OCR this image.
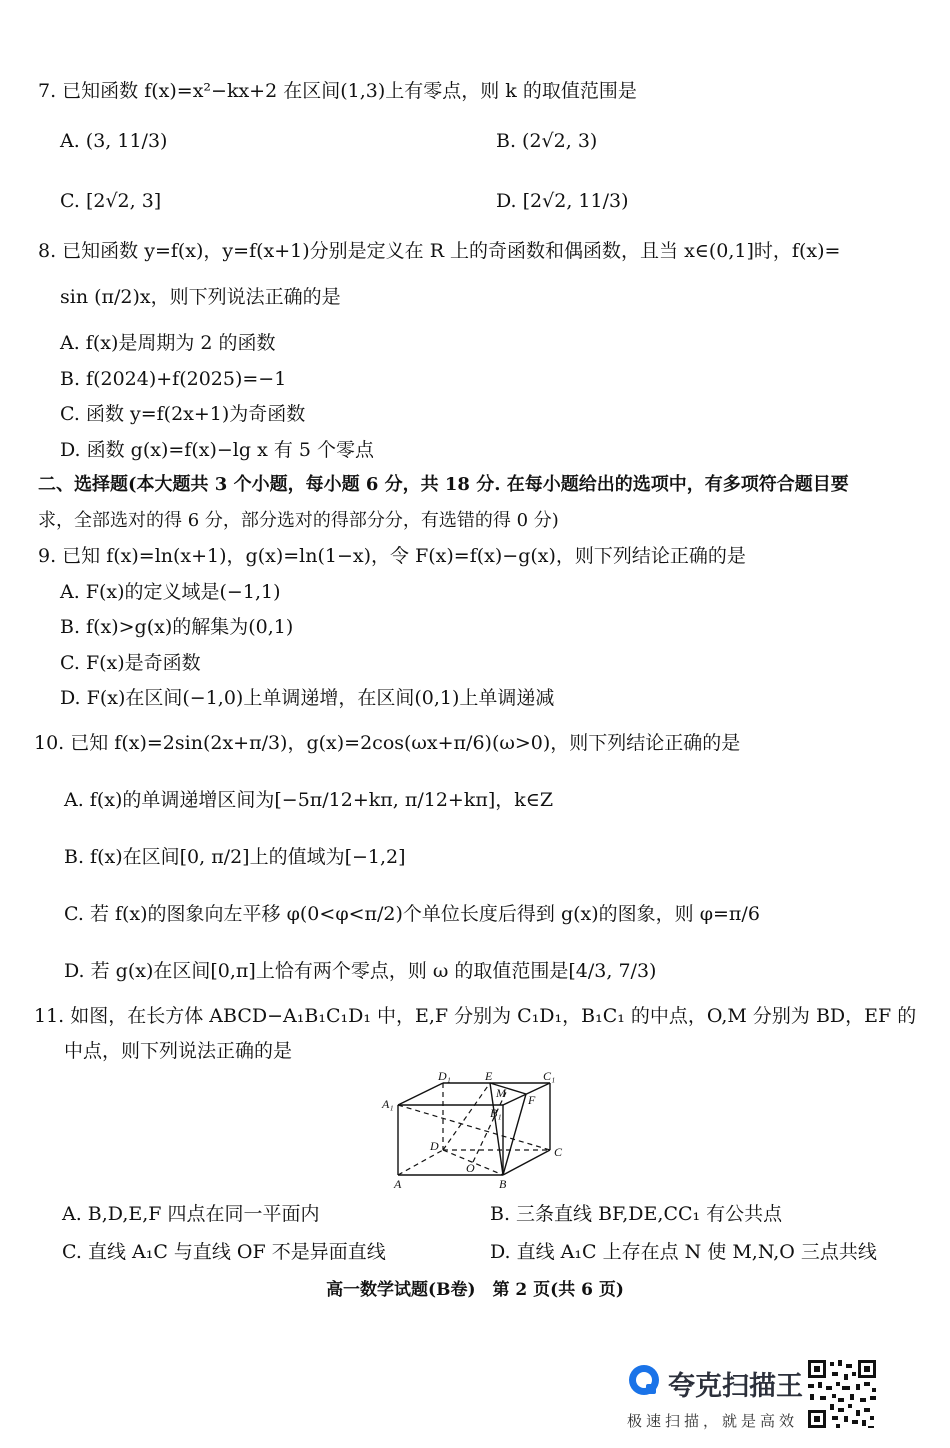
7. 已知函数 f(x)=x²−kx+2 在区间(1,3)上有零点，则 k 的取值范围是
A. (3, 11/3)	B. (2√2, 3)
C. [2√2, 3]	D. [2√2, 11/3)
8. 已知函数 y=f(x)，y=f(x+1)分别是定义在 R 上的奇函数和偶函数，且当 x∈(0,1]时，f(x)=
sin (π/2)x，则下列说法正确的是
A. f(x)是周期为 2 的函数
B. f(2024)+f(2025)=−1
C. 函数 y=f(2x+1)为奇函数
D. 函数 g(x)=f(x)−lg x 有 5 个零点
二、选择题(本大题共 3 个小题，每小题 6 分，共 18 分. 在每小题给出的选项中，有多项符合题目要
求，全部选对的得 6 分，部分选对的得部分分，有选错的得 0 分)
9. 已知 f(x)=ln(x+1)，g(x)=ln(1−x)，令 F(x)=f(x)−g(x)，则下列结论正确的是
A. F(x)的定义域是(−1,1)
B. f(x)>g(x)的解集为(0,1)
C. F(x)是奇函数
D. F(x)在区间(−1,0)上单调递增，在区间(0,1)上单调递减
10. 已知 f(x)=2sin(2x+π/3)，g(x)=2cos(ωx+π/6)(ω>0)，则下列结论正确的是
A. f(x)的单调递增区间为[−5π/12+kπ, π/12+kπ]，k∈Z
B. f(x)在区间[0, π/2]上的值域为[−1,2]
C. 若 f(x)的图象向左平移 φ(0<φ<π/2)个单位长度后得到 g(x)的图象，则 φ=π/6
D. 若 g(x)在区间[0,π]上恰有两个零点，则 ω 的取值范围是[4/3, 7/3)
11. 如图，在长方体 ABCD−A₁B₁C₁D₁ 中，E,F 分别为 C₁D₁，B₁C₁ 的中点，O,M 分别为 BD，EF 的
中点，则下列说法正确的是
D₁	E	C₁
A₁
M
B₁
F
D	C
O
A	B
A. B,D,E,F 四点在同一平面内	B. 三条直线 BF,DE,CC₁ 有公共点
C. 直线 A₁C 与直线 OF 不是异面直线	D. 直线 A₁C 上存在点 N 使 M,N,O 三点共线
高一数学试题(B卷)　第 2 页(共 6 页)
夸克扫描王
极速扫描，就是高效
